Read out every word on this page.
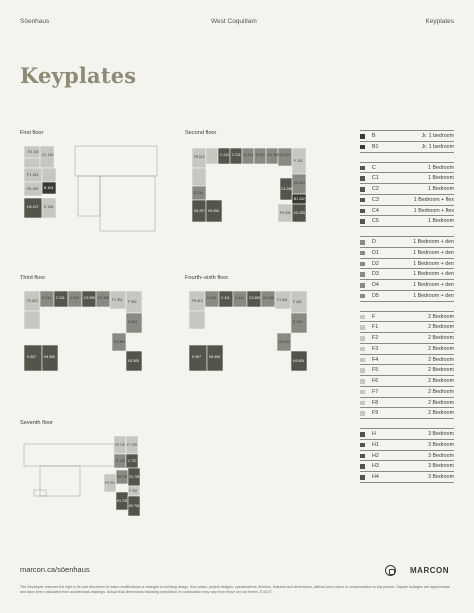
Söenhaus	West Coquitlam	Keyplates
Keyplates
First floor	Second floor
Third floor	Fourth–sixth floor
Seventh floor
F2 101
C1 102
F1 103
B 104
F6 105
H4 107 E 106
F8 213	C 212 C 211 D 210 D 209 D1 208 D2 207
F 201
D 214
D4 203
B1 202
H4 207 H3 206	F9 204 H2 205
C4 206
F5 313
D 312 C 311 D 310 C3 309 D1 308 F1 301 F 302
D 303
H 307 H4 306
D3 304
H3 305
F5 413
D 412 C 411 D 410 C3 409 D1 408 F1 401 F 402
D 403
H 407 H4 406
D3 404
H3 405
F6 710 F7 709
D 708 C 707
D5 706 C5 705
F3 701
F 702
H1 703
H2 704
B	Jr. 1 bedroom
B1	Jr. 1 bedroom
C	1 Bedroom
C1	1 Bedroom
C2	1 Bedroom
C3	1 Bedroom + flex
C4	1 Bedroom + flex
C5	1 Bedroom
D	1 Bedroom + den
D1	1 Bedroom + den
D2	1 Bedroom + den
D3	1 Bedroom + den
D4	1 Bedroom + den
D5	1 Bedroom + den
F	2 Bedroom
F1	2 Bedroom
F2	2 Bedroom
F3	2 Bedroom
F4	2 Bedroom
F5	2 Bedroom
F6	2 Bedroom
F7	2 Bedroom
F8	2 Bedroom
F9	2 Bedroom
H	3 Bedroom
H1	3 Bedroom
H2	3 Bedroom
H3	3 Bedroom
H4	3 Bedroom
marcon.ca/söenhaus	MARCON
The Developer reserves the right in its sole discretion to make modifications or changes to building design, floor plans, project designs, specifications, finishes, features and dimensions, without prior notice or compensation to any person. Square footages are approximate and have been calculated from architectural drawings. Actual final dimensions following completion of construction may vary from those set out herein. E.&O.E.
